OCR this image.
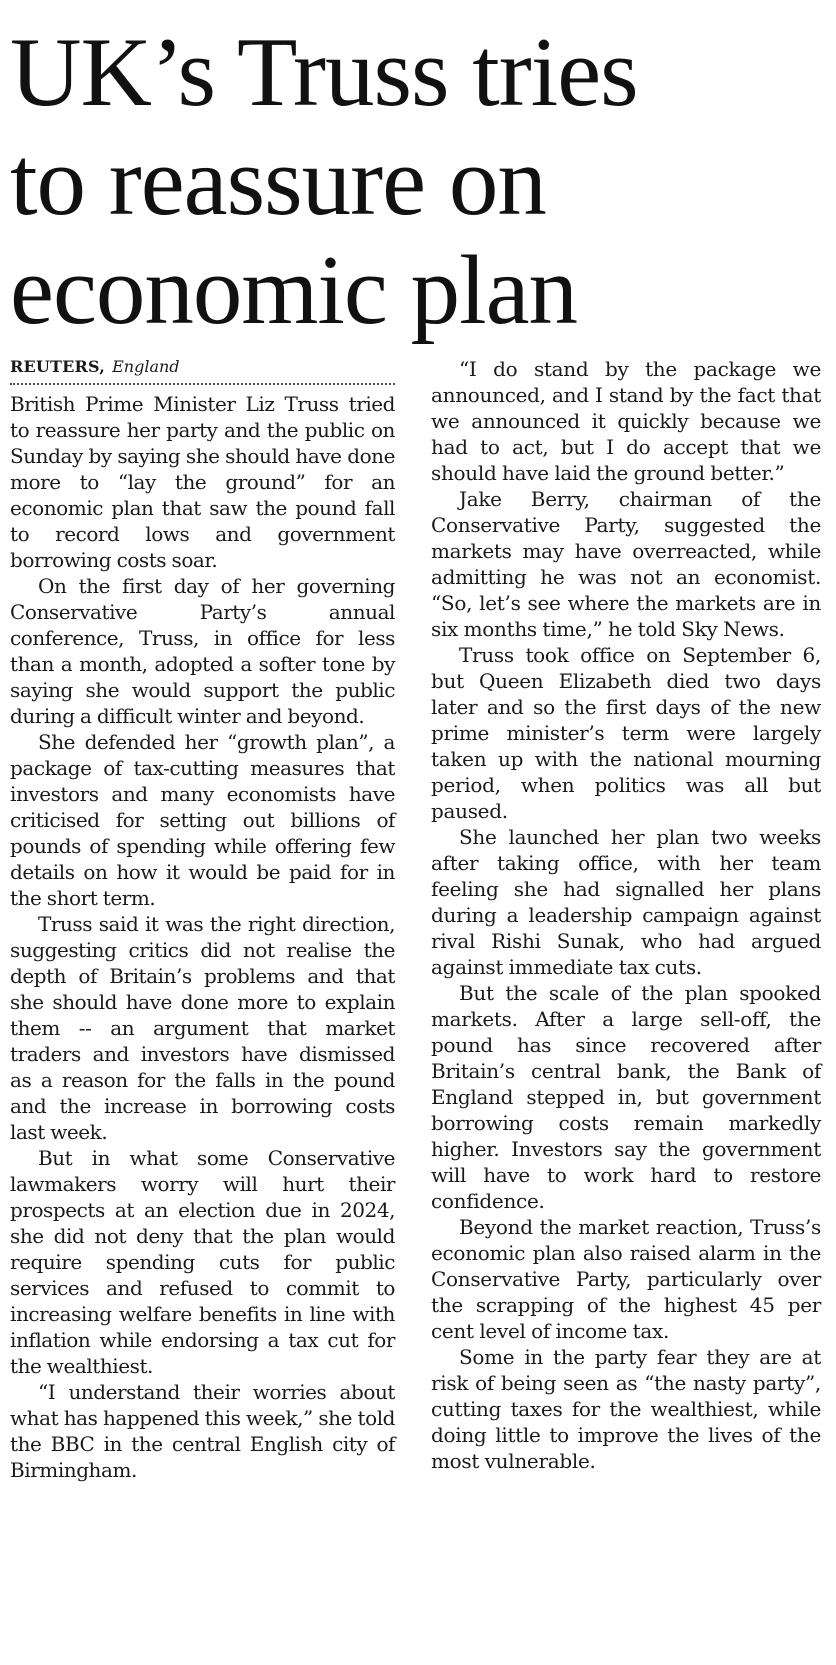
UK’s Truss tries
to reassure on
economic plan
REUTERS, England

British Prime Minister Liz Truss tried to reassure her party and the public on Sunday by saying she should have done more to “lay the ground” for an economic plan that saw the pound fall to record lows and government borrowing costs soar.

On the first day of her governing Conservative Party’s annual conference, Truss, in office for less than a month, adopted a softer tone by saying she would support the public during a difficult winter and beyond.

She defended her “growth plan”, a package of tax-cutting measures that investors and many economists have criticised for setting out billions of pounds of spending while offering few details on how it would be paid for in the short term.

Truss said it was the right direction, suggesting critics did not realise the depth of Britain’s problems and that she should have done more to explain them -- an argument that market traders and investors have dismissed as a reason for the falls in the pound and the increase in borrowing costs last week.

But in what some Conservative lawmakers worry will hurt their prospects at an election due in 2024, she did not deny that the plan would require spending cuts for public services and refused to commit to increasing welfare benefits in line with inflation while endorsing a tax cut for the wealthiest.

“I understand their worries about what has happened this week,” she told the BBC in the central English city of Birmingham.

“I do stand by the package we announced, and I stand by the fact that we announced it quickly because we had to act, but I do accept that we should have laid the ground better.”

Jake Berry, chairman of the Conservative Party, suggested the markets may have overreacted, while admitting he was not an economist. “So, let’s see where the markets are in six months time,” he told Sky News.

Truss took office on September 6, but Queen Elizabeth died two days later and so the first days of the new prime minister’s term were largely taken up with the national mourning period, when politics was all but paused.

She launched her plan two weeks after taking office, with her team feeling she had signalled her plans during a leadership campaign against rival Rishi Sunak, who had argued against immediate tax cuts.

But the scale of the plan spooked markets. After a large sell-off, the pound has since recovered after Britain’s central bank, the Bank of England stepped in, but government borrowing costs remain markedly higher. Investors say the government will have to work hard to restore confidence.

Beyond the market reaction, Truss’s economic plan also raised alarm in the Conservative Party, particularly over the scrapping of the highest 45 per cent level of income tax.

Some in the party fear they are at risk of being seen as “the nasty party”, cutting taxes for the wealthiest, while doing little to improve the lives of the most vulnerable.
